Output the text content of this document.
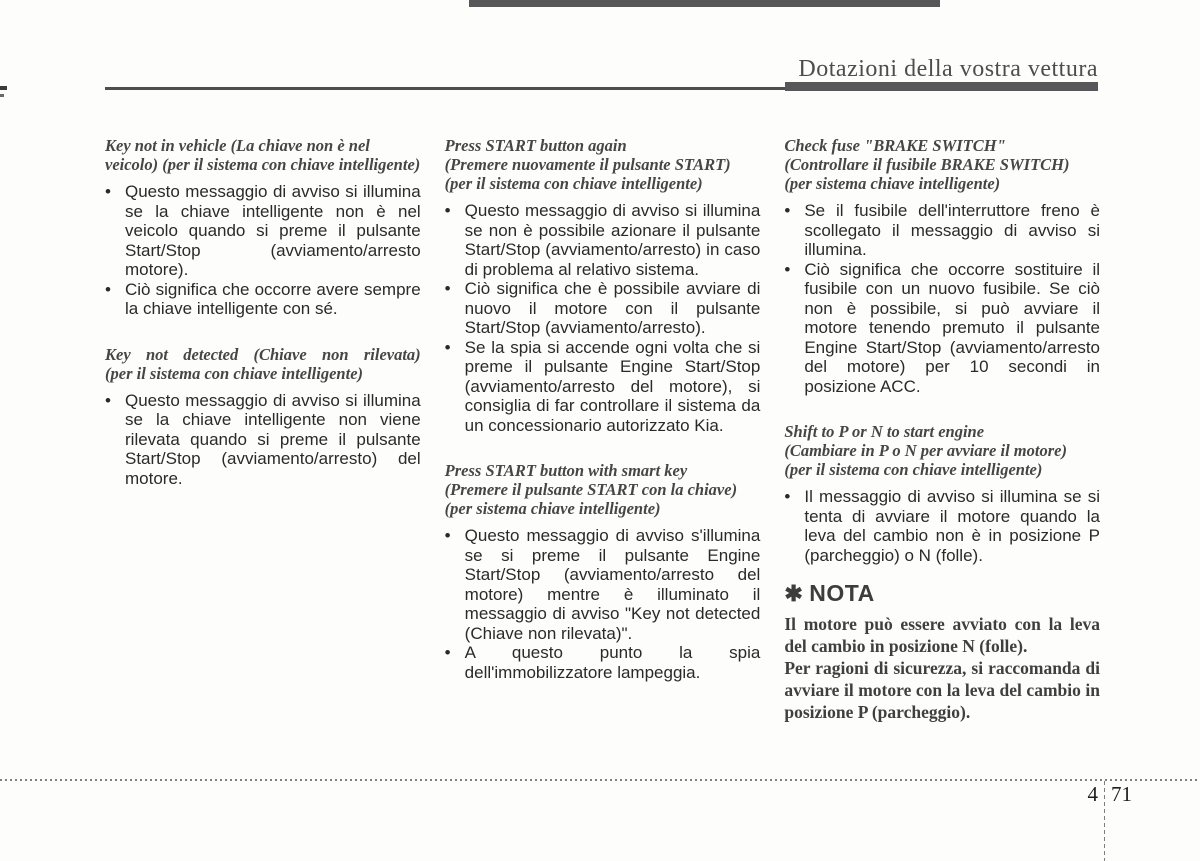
Dotazioni della vostra vettura
Key not in vehicle (La chiave non è nel
veicolo) (per il sistema con chiave intelligente)
• Questo messaggio di avviso si illumina se la chiave intelligente non è nel veicolo quando si preme il pulsante Start/Stop (avviamento/arresto motore).
• Ciò significa che occorre avere sempre la chiave intelligente con sé.
Key not detected (Chiave non rilevata)
(per il sistema con chiave intelligente)
• Questo messaggio di avviso si illumina se la chiave intelligente non viene rilevata quando si preme il pulsante Start/Stop (avviamento/arresto) del motore.
Press START button again
(Premere nuovamente il pulsante START)
(per il sistema con chiave intelligente)
• Questo messaggio di avviso si illumina se non è possibile azionare il pulsante Start/Stop (avviamento/arresto) in caso di problema al relativo sistema.
• Ciò significa che è possibile avviare di nuovo il motore con il pulsante Start/Stop (avviamento/arresto).
• Se la spia si accende ogni volta che si preme il pulsante Engine Start/Stop (avviamento/arresto del motore), si consiglia di far controllare il sistema da un concessionario autorizzato Kia.
Press START button with smart key
(Premere il pulsante START con la chiave)
(per sistema chiave intelligente)
• Questo messaggio di avviso s'illumina se si preme il pulsante Engine Start/Stop (avviamento/arresto del motore) mentre è illuminato il messaggio di avviso "Key not detected (Chiave non rilevata)".
• A questo punto la spia dell'immobilizzatore lampeggia.
Check fuse "BRAKE SWITCH"
(Controllare il fusibile BRAKE SWITCH)
(per sistema chiave intelligente)
• Se il fusibile dell'interruttore freno è scollegato il messaggio di avviso si illumina.
• Ciò significa che occorre sostituire il fusibile con un nuovo fusibile. Se ciò non è possibile, si può avviare il motore tenendo premuto il pulsante Engine Start/Stop (avviamento/arresto del motore) per 10 secondi in posizione ACC.
Shift to P or N to start engine
(Cambiare in P o N per avviare il motore)
(per il sistema con chiave intelligente)
• Il messaggio di avviso si illumina se si tenta di avviare il motore quando la leva del cambio non è in posizione P (parcheggio) o N (folle).
✱ NOTA
Il motore può essere avviato con la leva del cambio in posizione N (folle).
Per ragioni di sicurezza, si raccomanda di avviare il motore con la leva del cambio in posizione P (parcheggio).
4 71
